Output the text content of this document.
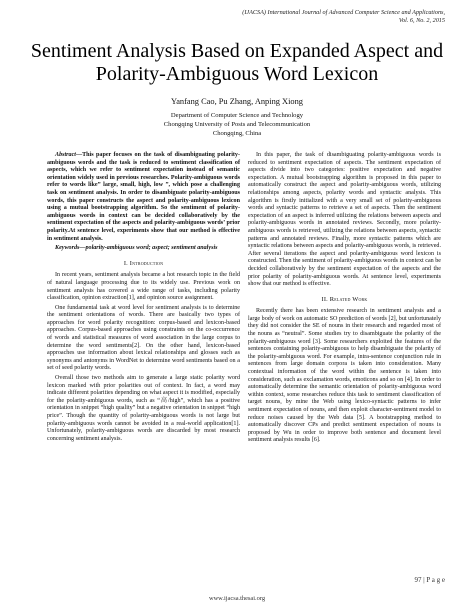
(IJACSA) International Journal of Advanced Computer Science and Applications,
Vol. 6, No. 2, 2015
Sentiment Analysis Based on Expanded Aspect and
Polarity-Ambiguous Word Lexicon
Yanfang Cao, Pu Zhang, Anping Xiong
Department of Computer Science and Technology
Chongqing University of Posts and Telecommunication
Chongqing, China

Abstract—This paper focuses on the task of disambiguating polarity-ambiguous words and the task is reduced to sentiment classification of aspects, which we refer to sentiment expectation instead of semantic orientation widely used in previous researches. Polarity-ambiguous words refer to words like” large, small, high, low ”, which pose a challenging task on sentiment analysis. In order to disambiguate polarity-ambiguous words, this paper constructs the aspect and polarity-ambiguous lexicon using a mutual bootstrapping algorithm. So the sentiment of polarity-ambiguous words in context can be decided collaboratively by the sentiment expectation of the aspects and polarity-ambiguous words’ prior polarity.At sentence level, experiments show that our method is effective in sentiment analysis.

Keywords—polarity-ambiguous word; aspect; sentiment analysis

I. Introduction

In recent years, sentiment analysis became a hot research topic in the field of natural language processing due to its widely use. Previous work on sentiment analysis has covered a wide range of tasks, including polarity classification, opinion extraction[1], and opinion source assignment.

One fundamental task at word level for sentiment analysis is to determine the sentiment orientations of words. There are basically two types of approaches for word polarity recognition: corpus-based and lexicon-based approaches. Corpus-based approaches using constraints on the co-occurrence of words and statistical measures of word association in the large corpus to determine the word sentiments[2]. On the other hand, lexicon-based approaches use information about lexical relationships and glosses such as synonyms and antonyms in WordNet to determine word sentiments based on a set of seed polarity words.

Overall those two methods aim to generate a large static polarity word lexicon marked with prior polarities out of context. In fact, a word may indicate different polarities depending on what aspect it is modified, especially for the polarity-ambiguous words, such as “高/high”, which has a positive orientation in snippet “high quality” but a negative orientation in snippet “high price”. Though the quantity of polarity-ambiguous words is not large but polarity-ambiguous words cannot be avoided in a real-world application[1]. Unfortunately, polarity-ambiguous words are discarded by most research concerning sentiment analysis.

In this paper, the task of disambiguating polarity-ambiguous words is reduced to sentiment expectation of aspects. The sentiment expectation of aspects divide into two categories: positive expectation and negative expectation. A mutual bootstrapping algorithm is proposed in this paper to automatically construct the aspect and polarity-ambiguous words, utilizing relationships among aspects, polarity words and syntactic analysis. This algorithm is firstly initialized with a very small set of polarity-ambiguous words and syntactic patterns to retrieve a set of aspects. Then the sentiment expectation of an aspect is inferred utilizing the relations between aspects and polarity-ambiguous words in annotated reviews. Secondly, more polarity-ambiguous words is retrieved, utilizing the relations between aspects, syntactic patterns and annotated reviews. Finally, more syntactic patterns which are syntactic relations between aspects and polarity-ambiguous words, is retrieved. After several iterations the aspect and polarity-ambiguous word lexicon is constructed. Then the sentiment of polarity-ambiguous words in context can be decided collaboratively by the sentiment expectation of the aspects and the prior polarity of polarity-ambiguous words. At sentence level, experiments show that our method is effective.

II. Related Work

Recently there has been extensive research in sentiment analysis and a large body of work on automatic SO prediction of words [2], but unfortunately they did not consider the SE of nouns in their research and regarded most of the nouns as “neutral”. Some studies try to disambiguate the polarity of the polarity-ambiguous word [3]. Some researchers exploited the features of the sentences containing polarity-ambiguous to help disambiguate the polarity of the polarity-ambiguous word. For example, intra-sentence conjunction rule in sentences from large domain corpora is taken into consideration. Many contextual information of the word within the sentence is taken into consideration, such as exclamation words, emoticons and so on [4]. In order to automatically determine the semantic orientation of polarity-ambiguous word within context, some researches reduce this task to sentiment classification of target nouns, by mine the Web using lexico-syntactic patterns to infer sentiment expectation of nouns, and then exploit character-sentiment model to reduce noises caused by the Web data [5]. A bootstrapping method to automatically discover CPs and predict sentiment expectation of nouns is proposed by Wu in order to improve both sentence and document level sentiment analysis results [6].

97 | P a g e
www.ijacsa.thesai.org
